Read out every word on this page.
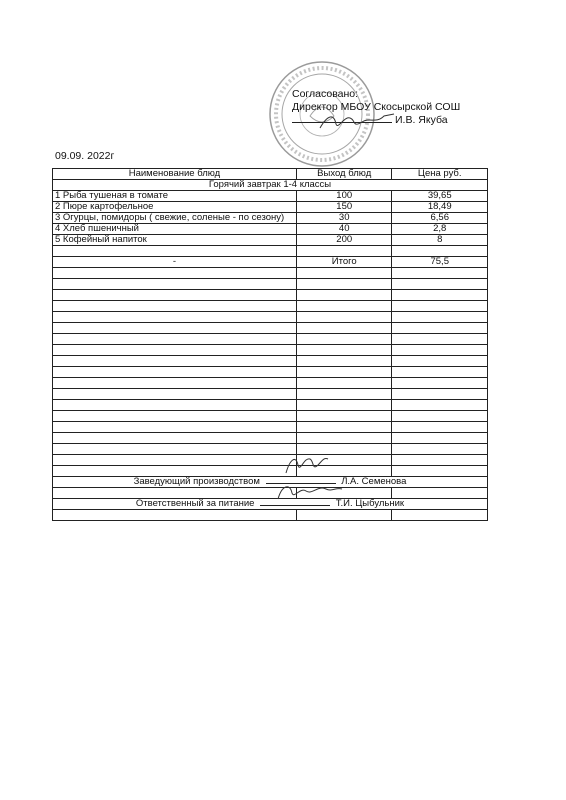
Согласовано:
Директор МБОУ Скосырской СОШ
И.В. Якуба
09.09. 2022г
Наименование блюд	Выход блюд	Цена руб.
Горячий завтрак 1-4 классы		
1 Рыба тушеная в томате	100	39,65
2 Пюре картофельное	150	18,49
3 Огурцы, помидоры ( свежие, соленые - по сезону)	30	6,56
4 Хлеб пшеничный	40	2,8
5 Кофейный напиток	200	8

-	Итого	75,5

Заведующий производством Л.А. Семенова		

Ответственный за питание Т.И. Цыбульник		
